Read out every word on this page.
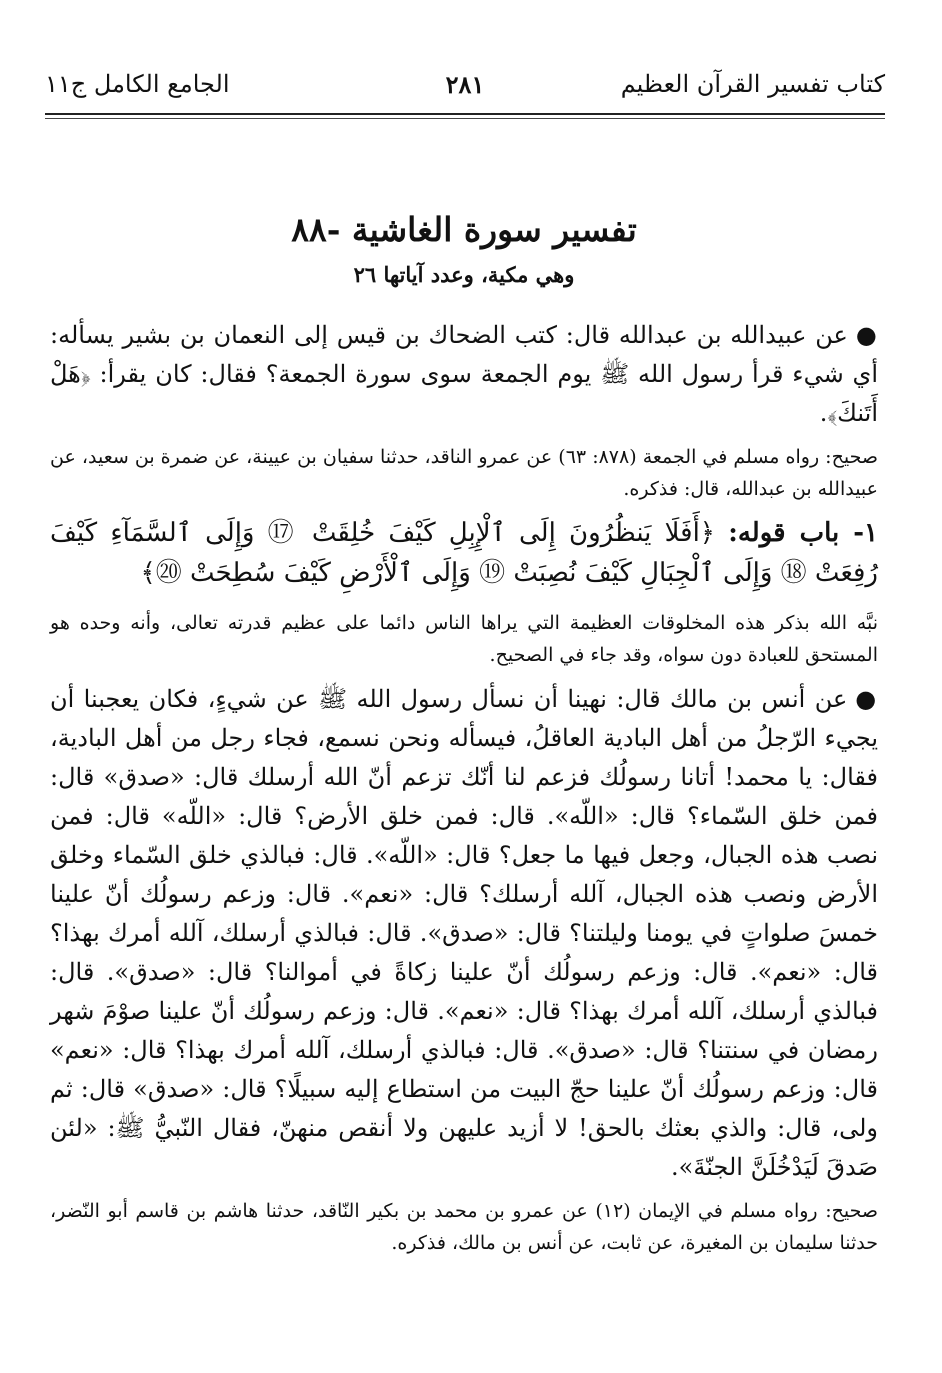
كتاب تفسير القرآن العظيم
٢٨١
الجامع الكامل ج١١
تفسير سورة الغاشية -٨٨

وهي مكية، وعدد آياتها ٢٦

●عن عبيدالله بن عبدالله قال: كتب الضحاك بن قيس إلى النعمان بن بشير يسأله: أي شيء قرأ رسول الله ﷺ يوم الجمعة سوى سورة الجمعة؟ فقال: كان يقرأ: ﴿هَلْ أَتَنكَ﴾.

صحيح: رواه مسلم في الجمعة (٨٧٨: ٦٣) عن عمرو الناقد، حدثنا سفيان بن عيينة، عن ضمرة بن سعيد، عن عبيدالله بن عبدالله، قال: فذكره.

١- باب قوله: ﴿أَفَلَا يَنظُرُونَ إِلَى ٱلْإِبِلِ كَيْفَ خُلِقَتْ ⑰ وَإِلَى ٱلسَّمَآءِ كَيْفَ رُفِعَتْ ⑱ وَإِلَى ٱلْجِبَالِ كَيْفَ نُصِبَتْ ⑲ وَإِلَى ٱلْأَرْضِ كَيْفَ سُطِحَتْ ⑳﴾

نبَّه الله بذكر هذه المخلوقات العظيمة التي يراها الناس دائما على عظيم قدرته تعالى، وأنه وحده هو المستحق للعبادة دون سواه، وقد جاء في الصحيح.

●عن أنس بن مالك قال: نهينا أن نسأل رسول الله ﷺ عن شيءٍ، فكان يعجبنا أن يجيء الرّجلُ من أهل البادية العاقلُ، فيسأله ونحن نسمع، فجاء رجل من أهل البادية، فقال: يا محمد! أتانا رسولُك فزعم لنا أنّك تزعم أنّ الله أرسلك قال: «صدق» قال: فمن خلق السّماء؟ قال: «اللّه». قال: فمن خلق الأرض؟ قال: «اللّه» قال: فمن نصب هذه الجبال، وجعل فيها ما جعل؟ قال: «اللّه». قال: فبالذي خلق السّماء وخلق الأرض ونصب هذه الجبال، آلله أرسلك؟ قال: «نعم». قال: وزعم رسولُك أنّ علينا خمسَ صلواتٍ في يومنا وليلتنا؟ قال: «صدق». قال: فبالذي أرسلك، آلله أمرك بهذا؟ قال: «نعم». قال: وزعم رسولُك أنّ علينا زكاةً في أموالنا؟ قال: «صدق». قال: فبالذي أرسلك، آلله أمرك بهذا؟ قال: «نعم». قال: وزعم رسولُك أنّ علينا صوْمَ شهر رمضان في سنتنا؟ قال: «صدق». قال: فبالذي أرسلك، آلله أمرك بهذا؟ قال: «نعم» قال: وزعم رسولُك أنّ علينا حجّ البيت من استطاع إليه سبيلًا؟ قال: «صدق» قال: ثم ولى، قال: والذي بعثك بالحق! لا أزيد عليهن ولا أنقص منهنّ، فقال النّبيُّ ﷺ: «لئن صَدقَ لَيَدْخُلَنَّ الجنّةَ».

صحيح: رواه مسلم في الإيمان (١٢) عن عمرو بن محمد بن بكير النّاقد، حدثنا هاشم بن قاسم أبو النّضر، حدثنا سليمان بن المغيرة، عن ثابت، عن أنس بن مالك، فذكره.
